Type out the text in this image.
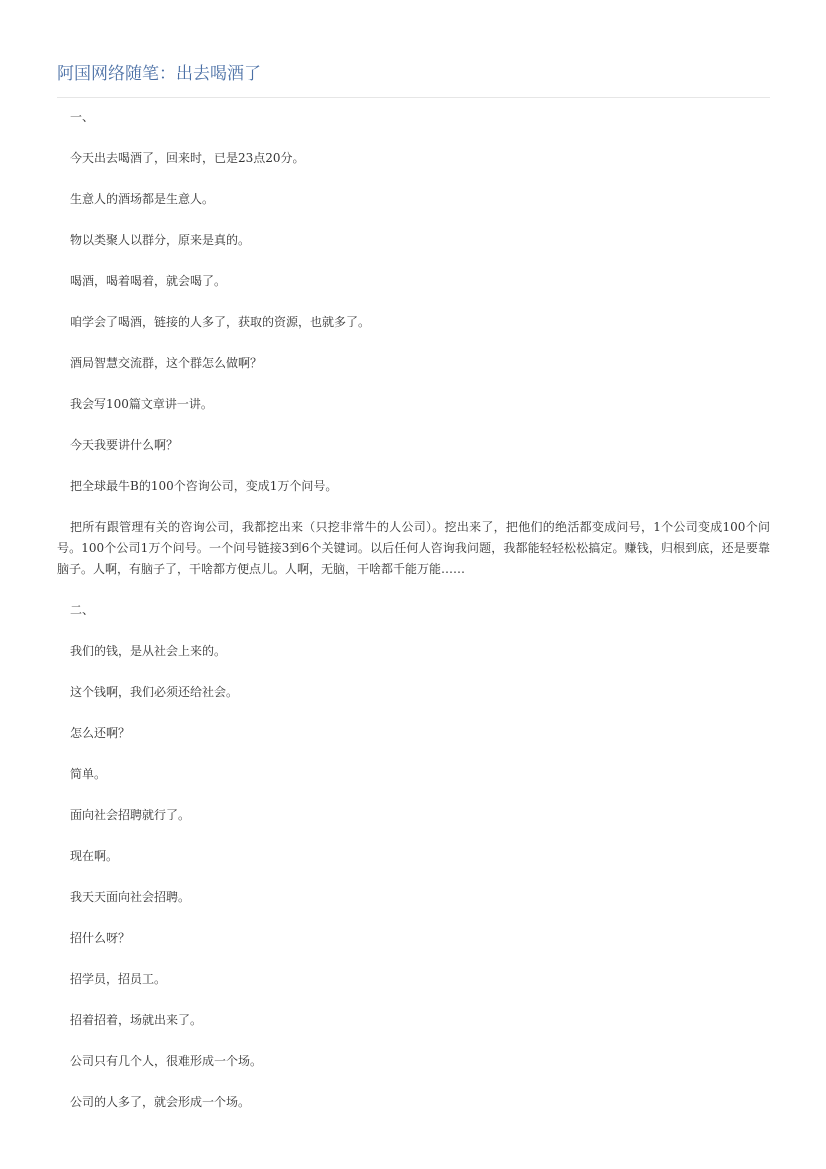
阿国网络随笔：出去喝酒了

一、

今天出去喝酒了，回来时，已是23点20分。

生意人的酒场都是生意人。

物以类聚人以群分，原来是真的。

喝酒，喝着喝着，就会喝了。

咱学会了喝酒，链接的人多了，获取的资源，也就多了。

酒局智慧交流群，这个群怎么做啊？

我会写100篇文章讲一讲。

今天我要讲什么啊？

把全球最牛B的100个咨询公司，变成1万个问号。

把所有跟管理有关的咨询公司，我都挖出来（只挖非常牛的人公司）。挖出来了，把他们的绝活都变成问号，1个公司变成100个问号。100个公司1万个问号。一个问号链接3到6个关键词。以后任何人咨询我问题，我都能轻轻松松搞定。赚钱，归根到底，还是要靠脑子。人啊，有脑子了，干啥都方便点儿。人啊，无脑，干啥都千能万能……

二、

我们的钱，是从社会上来的。

这个钱啊，我们必须还给社会。

怎么还啊？

简单。

面向社会招聘就行了。

现在啊。

我天天面向社会招聘。

招什么呀？

招学员，招员工。

招着招着，场就出来了。

公司只有几个人，很难形成一个场。

公司的人多了，就会形成一个场。
